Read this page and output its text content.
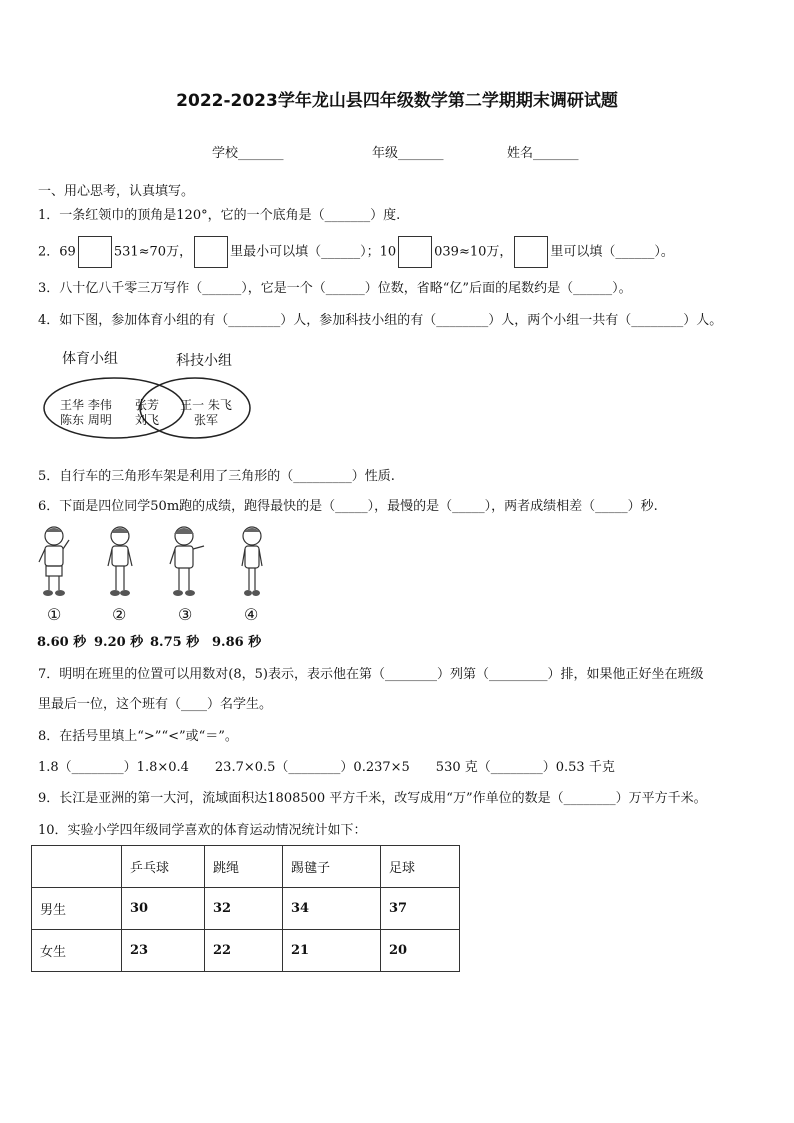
2022-2023学年龙山县四年级数学第二学期期末调研试题
学校_______	年级_______	姓名_______
一、用心思考，认真填写。
1．一条红领巾的顶角是120°，它的一个底角是（_______）度.
2．69	531≈70万，	里最小可以填（______）；10	039≈10万，	里可以填（______）。
3．八十亿八千零三万写作（______），它是一个（______）位数，省略“亿”后面的尾数约是（______）。
4．如下图，参加体育小组的有（________）人，参加科技小组的有（________）人，两个小组一共有（________）人。
体育小组	科技小组
王华 李伟
陈东 周明
张芳
刘飞
王一 朱飞
张军
5．自行车的三角形车架是利用了三角形的（_________）性质.
6．下面是四位同学50m跑的成绩，跑得最快的是（_____），最慢的是（_____），两者成绩相差（_____）秒.
①	②	③	④
8.60 秒 9.20 秒 8.75 秒 9.86 秒
7．明明在班里的位置可以用数对(8，5)表示，表示他在第（________）列第（_________）排，如果他正好坐在班级
里最后一位，这个班有（____）名学生。
8．在括号里填上“>”“<”或“＝”。
1.8（________）1.8×0.4　　23.7×0.5（________）0.237×5　　530 克（________）0.53 千克
9．长江是亚洲的第一大河，流域面积达1808500 平方千米，改写成用“万”作单位的数是（________）万平方千米。
10．实验小学四年级同学喜欢的体育运动情况统计如下：
	乒乓球	跳绳	踢毽子	足球
男生	30	32	34	37
女生	23	22	21	20
